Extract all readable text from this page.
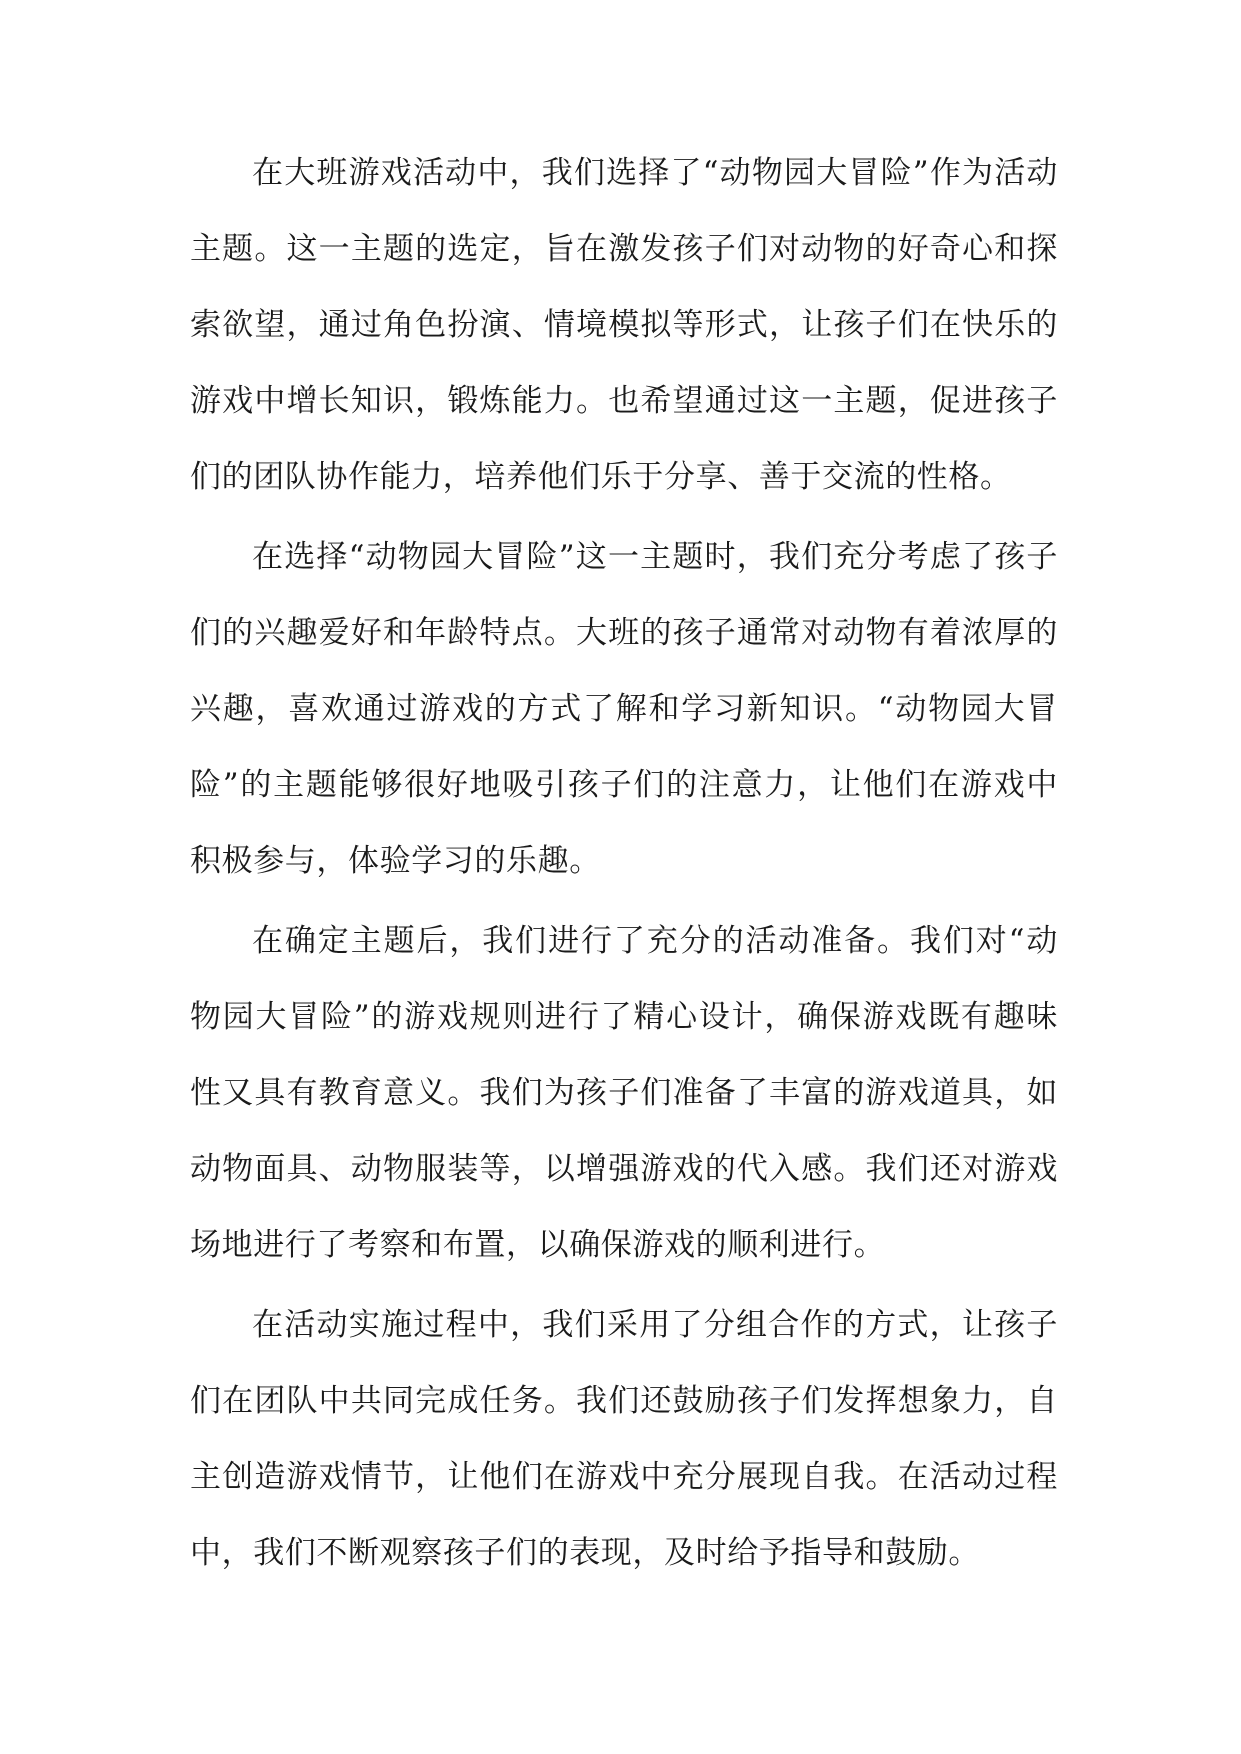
在大班游戏活动中，我们选择了“动物园大冒险”作为活动主题。这一主题的选定，旨在激发孩子们对动物的好奇心和探索欲望，通过角色扮演、情境模拟等形式，让孩子们在快乐的游戏中增长知识，锻炼能力。也希望通过这一主题，促进孩子们的团队协作能力，培养他们乐于分享、善于交流的性格。

在选择“动物园大冒险”这一主题时，我们充分考虑了孩子们的兴趣爱好和年龄特点。大班的孩子通常对动物有着浓厚的兴趣，喜欢通过游戏的方式了解和学习新知识。“动物园大冒险”的主题能够很好地吸引孩子们的注意力，让他们在游戏中积极参与，体验学习的乐趣。

在确定主题后，我们进行了充分的活动准备。我们对“动物园大冒险”的游戏规则进行了精心设计，确保游戏既有趣味性又具有教育意义。我们为孩子们准备了丰富的游戏道具，如动物面具、动物服装等，以增强游戏的代入感。我们还对游戏场地进行了考察和布置，以确保游戏的顺利进行。

在活动实施过程中，我们采用了分组合作的方式，让孩子们在团队中共同完成任务。我们还鼓励孩子们发挥想象力，自主创造游戏情节，让他们在游戏中充分展现自我。在活动过程中，我们不断观察孩子们的表现，及时给予指导和鼓励。
